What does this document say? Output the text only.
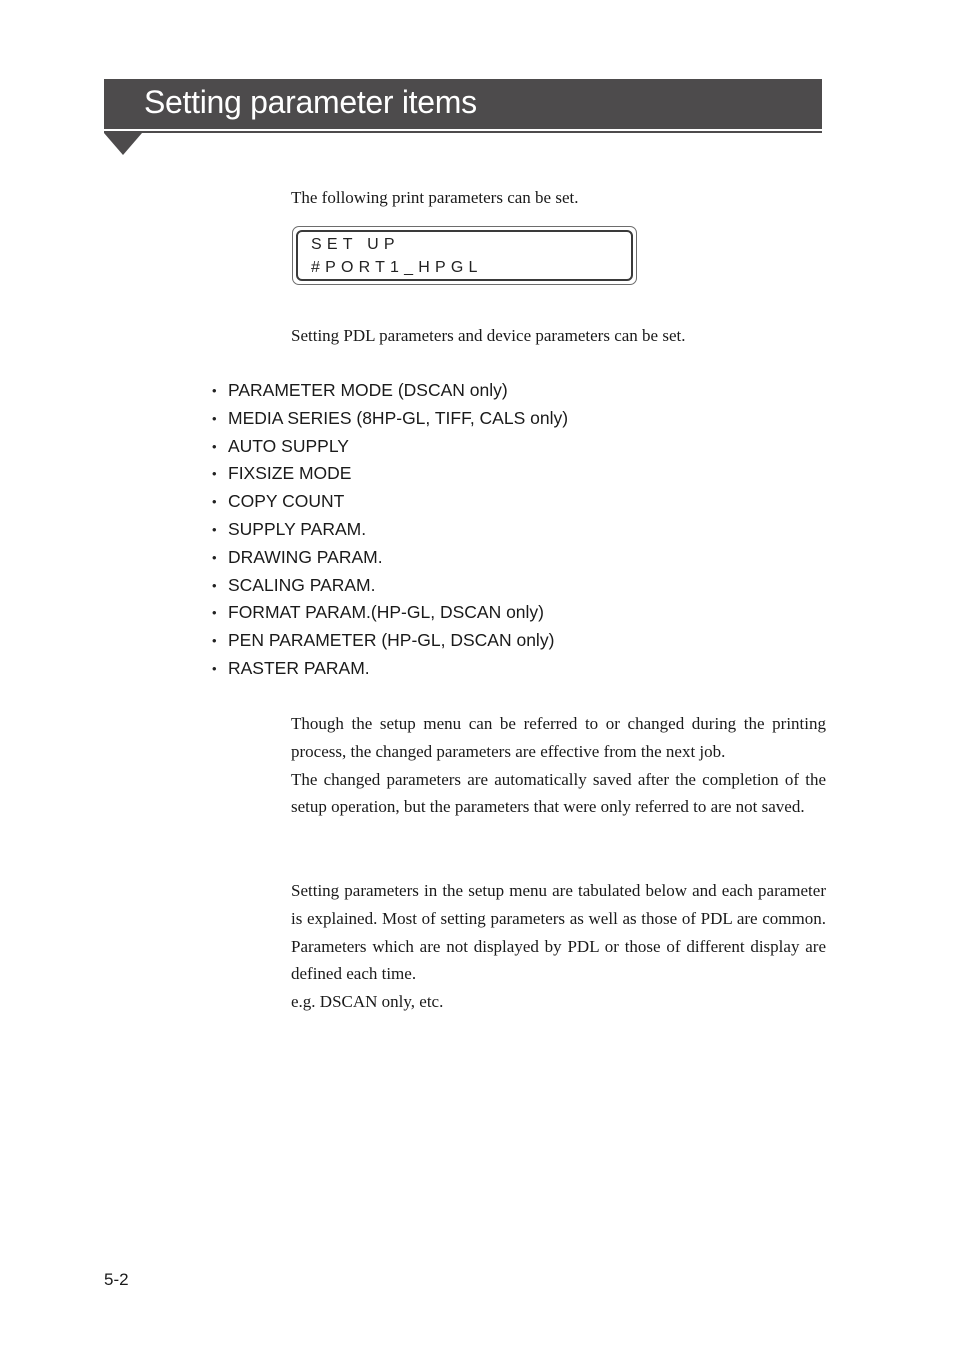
Setting parameter items

The following print parameters can be set.

SET UP
#PORT1_HPGL

Setting PDL parameters and device parameters can be set.

• PARAMETER MODE (DSCAN only)
• MEDIA SERIES (8HP-GL, TIFF, CALS only)
• AUTO SUPPLY
• FIXSIZE MODE
• COPY COUNT
• SUPPLY PARAM.
• DRAWING PARAM.
• SCALING PARAM.
• FORMAT PARAM.(HP-GL, DSCAN only)
• PEN PARAMETER (HP-GL, DSCAN only)
• RASTER PARAM.
Though the setup menu can be referred to or changed during the printing process, the changed parameters are effective from the next job.
The changed parameters are automatically saved after the completion of the setup operation, but the parameters that were only referred to are not saved.
Setting parameters in the setup menu are tabulated below and each parameter is explained. Most of setting parameters as well as those of PDL are common. Parameters which are not displayed by PDL or those of different display are defined each time.
e.g. DSCAN only, etc.
5-2
